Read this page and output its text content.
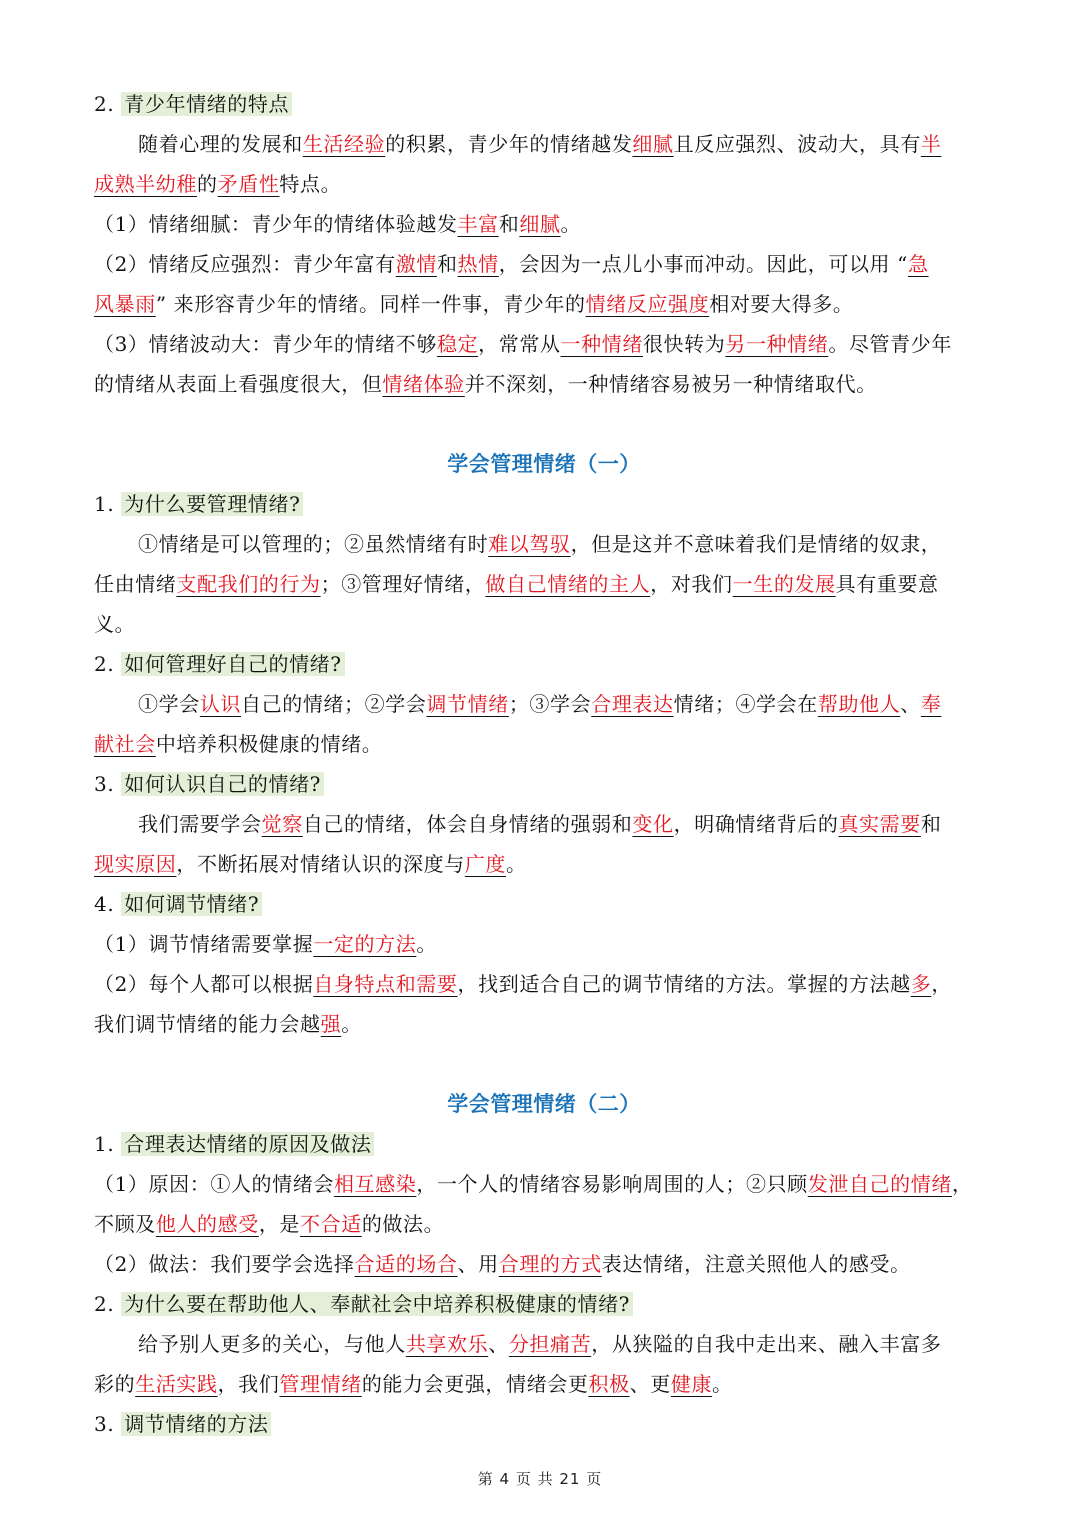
2. 青少年情绪的特点
随着心理的发展和生活经验的积累，青少年的情绪越发细腻且反应强烈、波动大，具有半
成熟半幼稚的矛盾性特点。
（1）情绪细腻：青少年的情绪体验越发丰富和细腻。
（2）情绪反应强烈：青少年富有激情和热情，会因为一点儿小事而冲动。因此，可以用 “急
风暴雨” 来形容青少年的情绪。同样一件事，青少年的情绪反应强度相对要大得多。
（3）情绪波动大：青少年的情绪不够稳定，常常从一种情绪很快转为另一种情绪。尽管青少年
的情绪从表面上看强度很大，但情绪体验并不深刻，一种情绪容易被另一种情绪取代。
学会管理情绪（一）
1. 为什么要管理情绪?
①情绪是可以管理的；②虽然情绪有时难以驾驭，但是这并不意味着我们是情绪的奴隶，
任由情绪支配我们的行为；③管理好情绪，做自己情绪的主人，对我们一生的发展具有重要意
义。
2. 如何管理好自己的情绪?
①学会认识自己的情绪；②学会调节情绪；③学会合理表达情绪；④学会在帮助他人、奉
献社会中培养积极健康的情绪。
3. 如何认识自己的情绪?
我们需要学会觉察自己的情绪，体会自身情绪的强弱和变化，明确情绪背后的真实需要和
现实原因，不断拓展对情绪认识的深度与广度。
4. 如何调节情绪?
（1）调节情绪需要掌握一定的方法。
（2）每个人都可以根据自身特点和需要，找到适合自己的调节情绪的方法。掌握的方法越多，
我们调节情绪的能力会越强。
学会管理情绪（二）
1. 合理表达情绪的原因及做法
（1）原因：①人的情绪会相互感染，一个人的情绪容易影响周围的人；②只顾发泄自己的情绪，
不顾及他人的感受，是不合适的做法。
（2）做法：我们要学会选择合适的场合、用合理的方式表达情绪，注意关照他人的感受。
2. 为什么要在帮助他人、奉献社会中培养积极健康的情绪?
给予别人更多的关心，与他人共享欢乐、分担痛苦，从狭隘的自我中走出来、融入丰富多
彩的生活实践，我们管理情绪的能力会更强，情绪会更积极、更健康。
3. 调节情绪的方法
第 4 页 共 21 页
